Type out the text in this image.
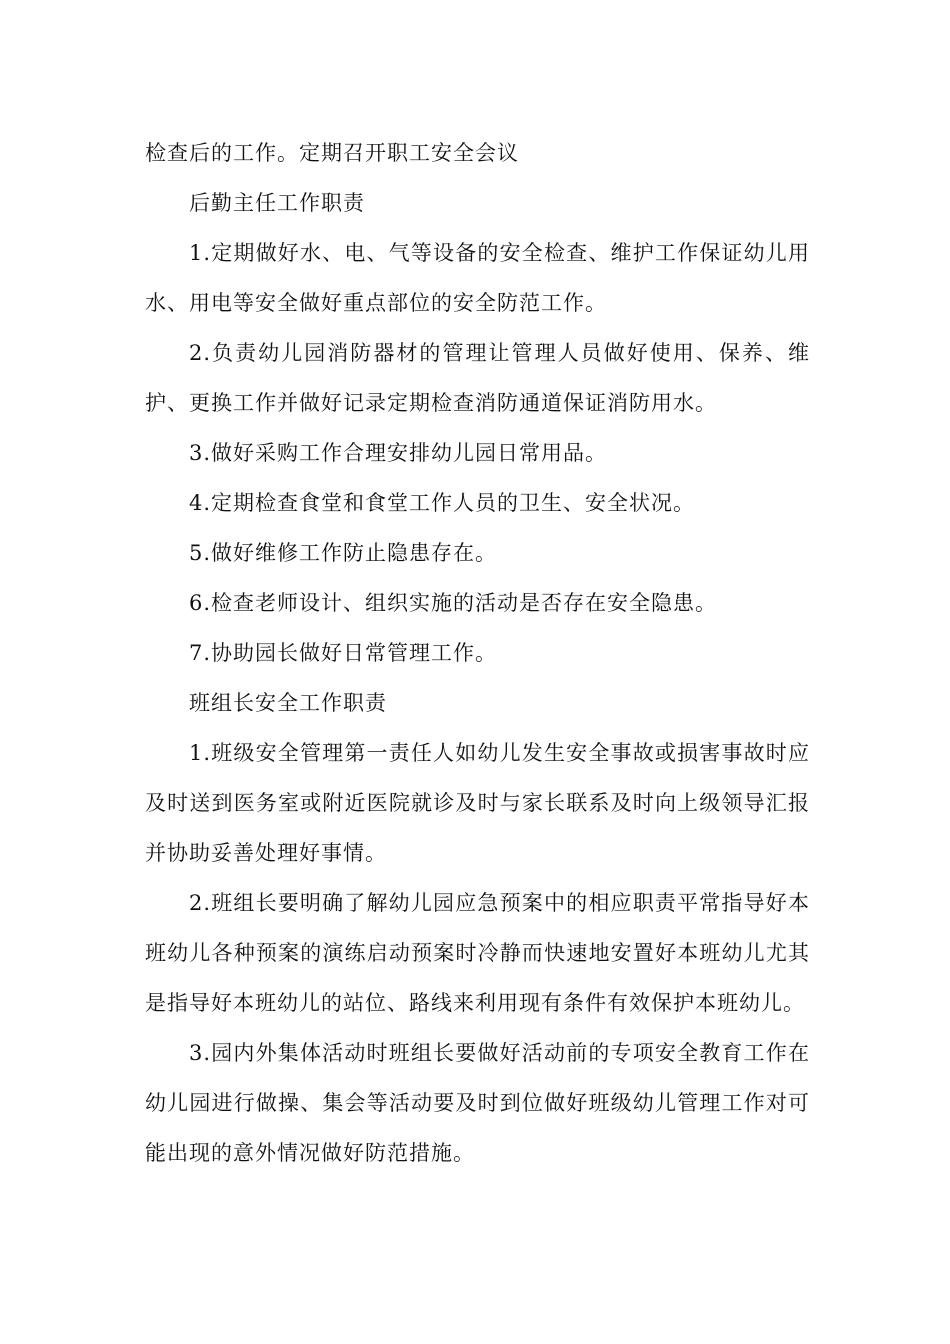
检查后的工作。定期召开职工安全会议

后勤主任工作职责

1.定期做好水、电、气等设备的安全检查、维护工作保证幼儿用水、用电等安全做好重点部位的安全防范工作。

2.负责幼儿园消防器材的管理让管理人员做好使用、保养、维护、更换工作并做好记录定期检查消防通道保证消防用水。

3.做好采购工作合理安排幼儿园日常用品。

4.定期检查食堂和食堂工作人员的卫生、安全状况。

5.做好维修工作防止隐患存在。

6.检查老师设计、组织实施的活动是否存在安全隐患。

7.协助园长做好日常管理工作。

班组长安全工作职责

1.班级安全管理第一责任人如幼儿发生安全事故或损害事故时应及时送到医务室或附近医院就诊及时与家长联系及时向上级领导汇报并协助妥善处理好事情。

2.班组长要明确了解幼儿园应急预案中的相应职责平常指导好本班幼儿各种预案的演练启动预案时冷静而快速地安置好本班幼儿尤其是指导好本班幼儿的站位、路线来利用现有条件有效保护本班幼儿。

3.园内外集体活动时班组长要做好活动前的专项安全教育工作在幼儿园进行做操、集会等活动要及时到位做好班级幼儿管理工作对可能出现的意外情况做好防范措施。
